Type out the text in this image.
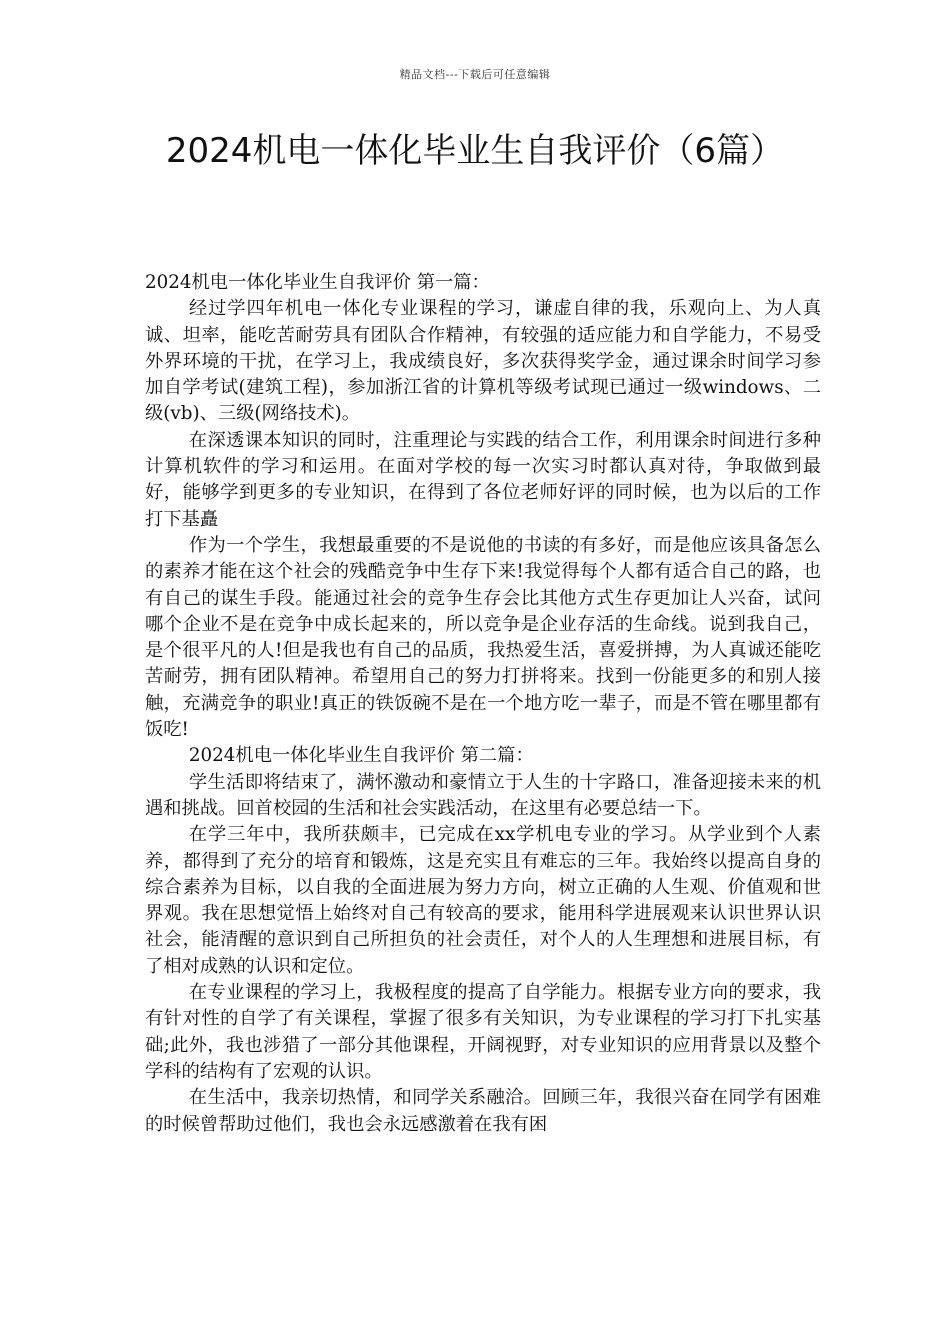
精品文档---下载后可任意编辑
2024机电一体化毕业生自我评价（6篇）

2024机电一体化毕业生自我评价 第一篇：

经过学四年机电一体化专业课程的学习，谦虚自律的我，乐观向上、为人真诚、坦率，能吃苦耐劳具有团队合作精神，有较强的适应能力和自学能力，不易受外界环境的干扰，在学习上，我成绩良好，多次获得奖学金，通过课余时间学习参加自学考试(建筑工程)，参加浙江省的计算机等级考试现已通过一级windows、二级(vb)、三级(网络技术)。

在深透课本知识的同时，注重理论与实践的结合工作，利用课余时间进行多种计算机软件的学习和运用。在面对学校的每一次实习时都认真对待，争取做到最好，能够学到更多的专业知识，在得到了各位老师好评的同时候，也为以后的工作打下基矗

作为一个学生，我想最重要的不是说他的书读的有多好，而是他应该具备怎么的素养才能在这个社会的残酷竞争中生存下来!我觉得每个人都有适合自己的路，也有自己的谋生手段。能通过社会的竞争生存会比其他方式生存更加让人兴奋，试问哪个企业不是在竞争中成长起来的，所以竞争是企业存活的生命线。说到我自己，是个很平凡的人!但是我也有自己的品质，我热爱生活，喜爱拼搏，为人真诚还能吃苦耐劳，拥有团队精神。希望用自己的努力打拼将来。找到一份能更多的和别人接触，充满竞争的职业!真正的铁饭碗不是在一个地方吃一辈子，而是不管在哪里都有饭吃!

2024机电一体化毕业生自我评价 第二篇：

学生活即将结束了，满怀激动和豪情立于人生的十字路口，准备迎接未来的机遇和挑战。回首校园的生活和社会实践活动，在这里有必要总结一下。

在学三年中，我所获颇丰，已完成在xx学机电专业的学习。从学业到个人素养，都得到了充分的培育和锻炼，这是充实且有难忘的三年。我始终以提高自身的综合素养为目标，以自我的全面进展为努力方向，树立正确的人生观、价值观和世界观。我在思想觉悟上始终对自己有较高的要求，能用科学进展观来认识世界认识社会，能清醒的意识到自己所担负的社会责任，对个人的人生理想和进展目标，有了相对成熟的认识和定位。

在专业课程的学习上，我极程度的提高了自学能力。根据专业方向的要求，我有针对性的自学了有关课程，掌握了很多有关知识，为专业课程的学习打下扎实基础;此外，我也涉猎了一部分其他课程，开阔视野，对专业知识的应用背景以及整个学科的结构有了宏观的认识。

在生活中，我亲切热情，和同学关系融洽。回顾三年，我很兴奋在同学有困难的时候曾帮助过他们，我也会永远感激着在我有困
